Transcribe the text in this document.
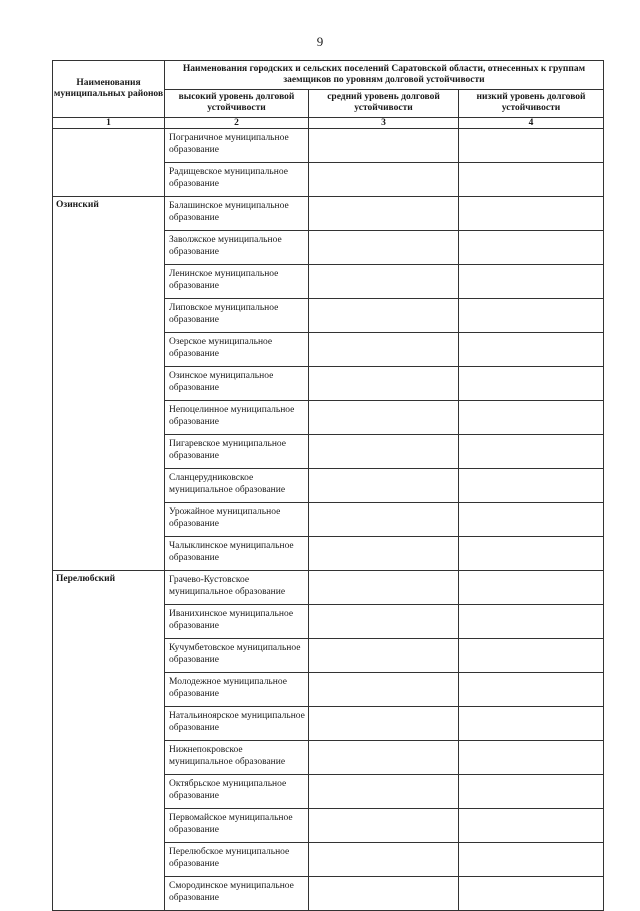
9
Наименования муниципальных районов	Наименования городских и сельских поселений Саратовской области, отнесенных к группам заемщиков по уровням долговой устойчивости		
	высокий уровень долговой устойчивости	средний уровень долговой устойчивости	низкий уровень долговой устойчивости
1	2	3	4
	Пограничное муниципальное образование		
	Радищевское муниципальное образование		
Озинский	Балашинское муниципальное образование		
	Заволжское муниципальное образование		
	Ленинское муниципальное образование		
	Липовское муниципальное образование		
	Озерское муниципальное образование		
	Озинское муниципальное образование		
	Непоцелинное муниципальное образование		
	Пигаревское муниципальное образование		
	Сланцерудниковское муниципальное образование		
	Урожайное муниципальное образование		
	Чалыклинское муниципальное образование		
Перелюбский	Грачево-Кустовское муниципальное образование		
	Иванихинское муниципальное образование		
	Кучумбетовское муниципальное образование		
	Молодежное муниципальное образование		
	Натальиноярское муниципальное образование		
	Нижнепокровское муниципальное образование		
	Октябрьское муниципальное образование		
	Первомайское муниципальное образование		
	Перелюбское муниципальное образование		
	Смородинское муниципальное образование		
